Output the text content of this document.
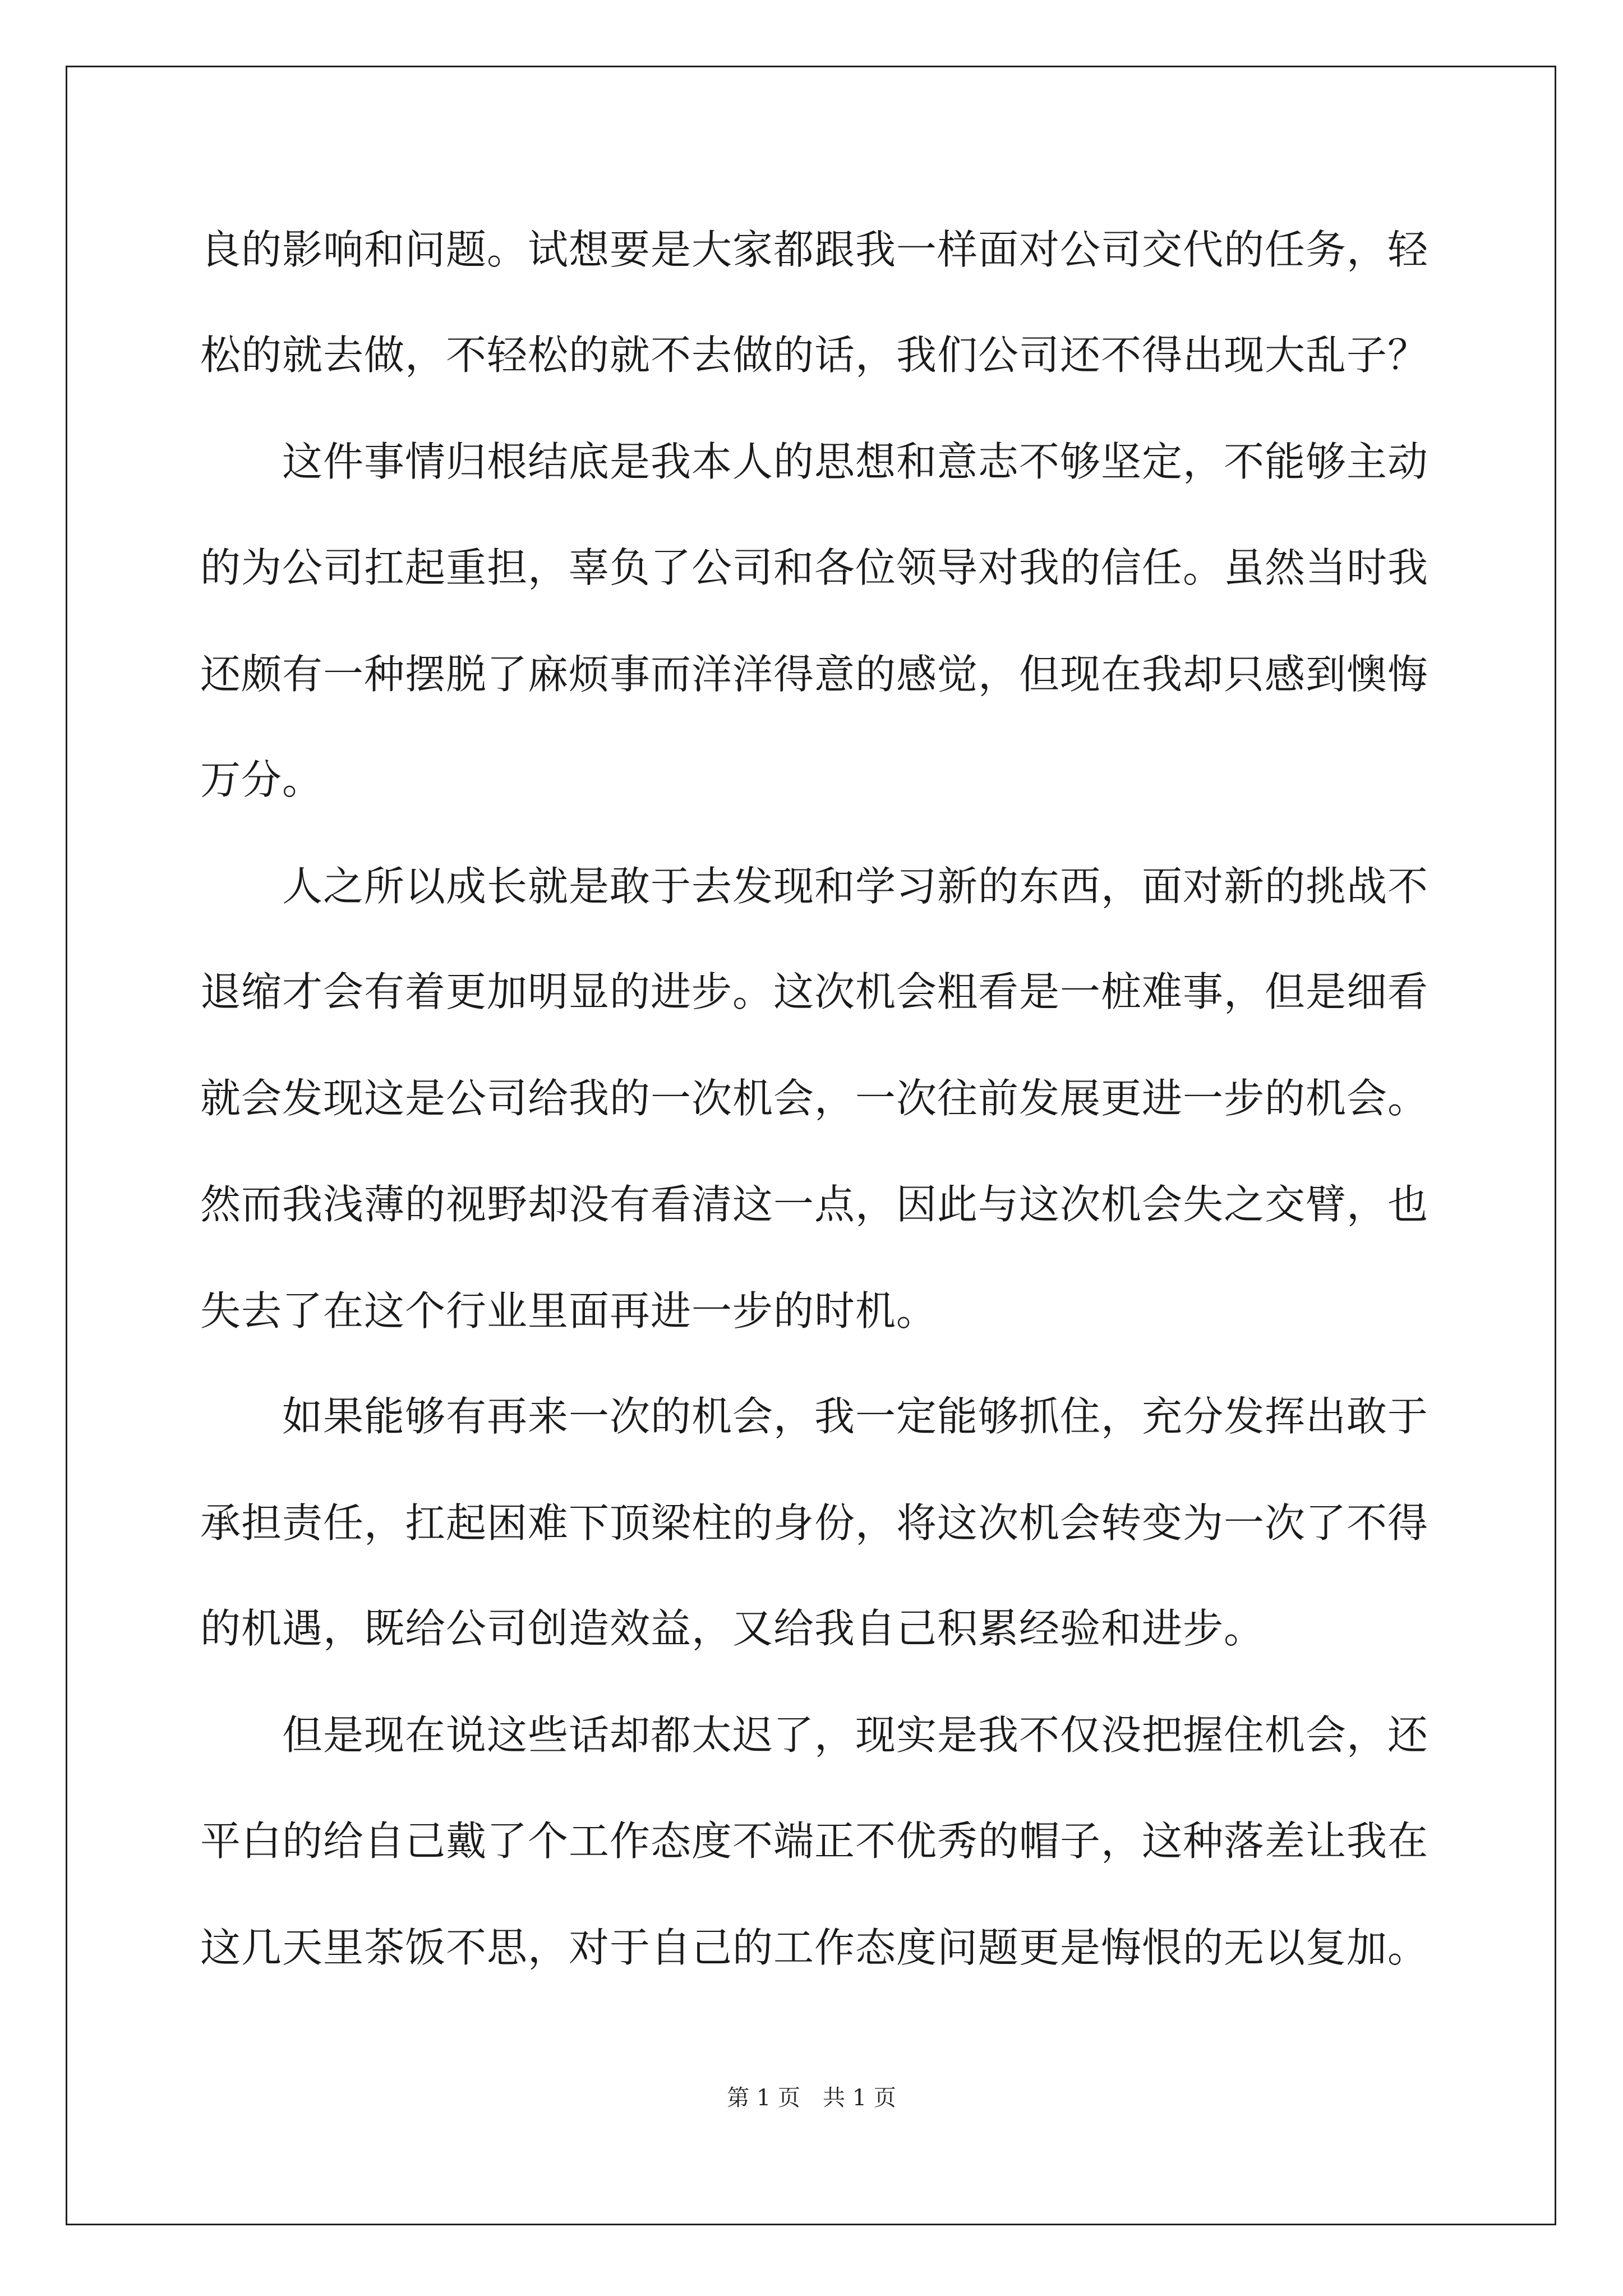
良的影响和问题。试想要是大家都跟我一样面对公司交代的任务，轻
松的就去做，不轻松的就不去做的话，我们公司还不得出现大乱子？
　　这件事情归根结底是我本人的思想和意志不够坚定，不能够主动
的为公司扛起重担，辜负了公司和各位领导对我的信任。虽然当时我
还颇有一种摆脱了麻烦事而洋洋得意的感觉，但现在我却只感到懊悔
万分。
　　人之所以成长就是敢于去发现和学习新的东西，面对新的挑战不
退缩才会有着更加明显的进步。这次机会粗看是一桩难事，但是细看
就会发现这是公司给我的一次机会，一次往前发展更进一步的机会。
然而我浅薄的视野却没有看清这一点，因此与这次机会失之交臂，也
失去了在这个行业里面再进一步的时机。
　　如果能够有再来一次的机会，我一定能够抓住，充分发挥出敢于
承担责任，扛起困难下顶梁柱的身份，将这次机会转变为一次了不得
的机遇，既给公司创造效益，又给我自己积累经验和进步。
　　但是现在说这些话却都太迟了，现实是我不仅没把握住机会，还
平白的给自己戴了个工作态度不端正不优秀的帽子，这种落差让我在
这几天里茶饭不思，对于自己的工作态度问题更是悔恨的无以复加。
第 1 页　共 1 页
